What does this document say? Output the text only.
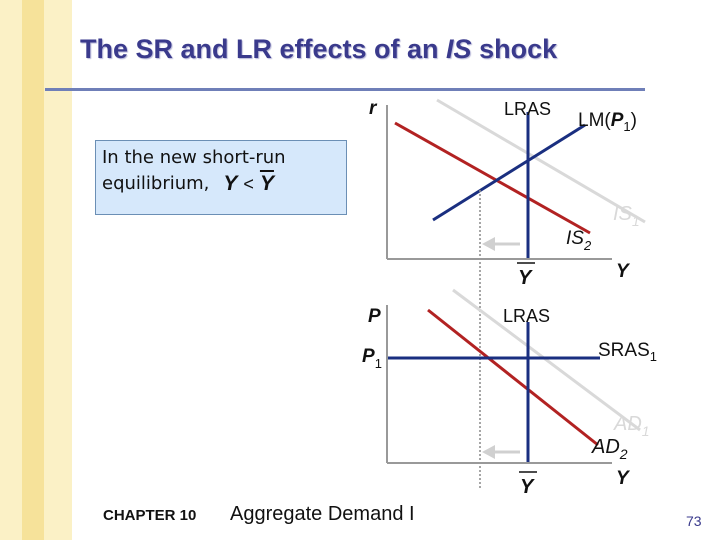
The SR and LR effects of an IS shock
r	LRAS
$LM(P_1)$
$IS_1$
$IS_2$
Y
Y
P	LRAS
$P_1$
$SRAS_1$
$AD_1$
$AD_2$
Y
Y
In the new short-run
equilibrium, $Y < \overline{Y}$
CHAPTER 10 Aggregate Demand I	73
